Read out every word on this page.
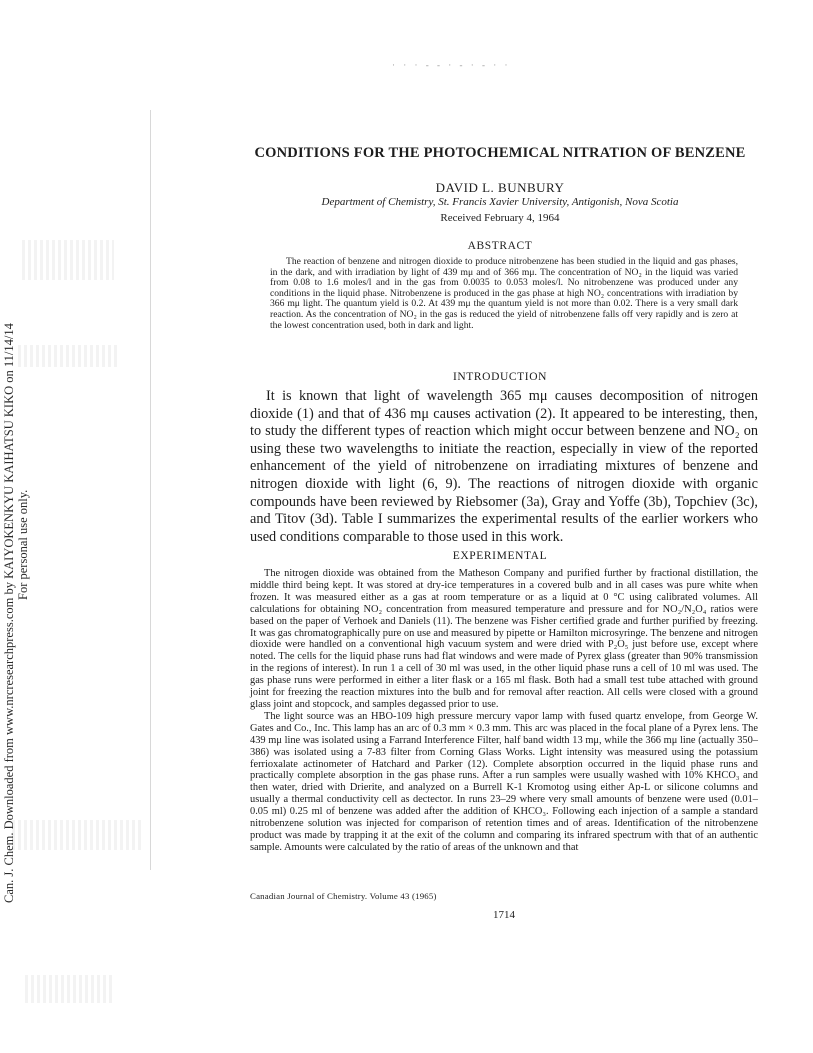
· · · - - · - · - · ·
Can. J. Chem. Downloaded from www.nrcresearchpress.com by KAIYOKENKYU KAIHATSU KIKO on 11/14/14 For personal use only.
CONDITIONS FOR THE PHOTOCHEMICAL NITRATION OF BENZENE
DAVID L. BUNBURY
Department of Chemistry, St. Francis Xavier University, Antigonish, Nova Scotia
Received February 4, 1964
ABSTRACT

The reaction of benzene and nitrogen dioxide to produce nitrobenzene has been studied in the liquid and gas phases, in the dark, and with irradiation by light of 439 mμ and of 366 mμ. The concentration of NO₂ in the liquid was varied from 0.08 to 1.6 moles/l and in the gas from 0.0035 to 0.053 moles/l. No nitrobenzene was produced under any conditions in the liquid phase. Nitrobenzene is produced in the gas phase at high NO₂ concentrations with irradiation by 366 mμ light. The quantum yield is 0.2. At 439 mμ the quantum yield is not more than 0.02. There is a very small dark reaction. As the concentration of NO₂ in the gas is reduced the yield of nitrobenzene falls off very rapidly and is zero at the lowest concentration used, both in dark and light.

INTRODUCTION

It is known that light of wavelength 365 mμ causes decomposition of nitrogen dioxide (1) and that of 436 mμ causes activation (2). It appeared to be interesting, then, to study the different types of reaction which might occur between benzene and NO₂ on using these two wavelengths to initiate the reaction, especially in view of the reported enhancement of the yield of nitrobenzene on irradiating mixtures of benzene and nitrogen dioxide with light (6, 9). The reactions of nitrogen dioxide with organic compounds have been reviewed by Riebsomer (3a), Gray and Yoffe (3b), Topchiev (3c), and Titov (3d). Table I summarizes the experimental results of the earlier workers who used conditions comparable to those used in this work.

EXPERIMENTAL

The nitrogen dioxide was obtained from the Matheson Company and purified further by fractional distillation, the middle third being kept. It was stored at dry-ice temperatures in a covered bulb and in all cases was pure white when frozen. It was measured either as a gas at room temperature or as a liquid at 0 °C using calibrated volumes. All calculations for obtaining NO₂ concentration from measured temperature and pressure and for NO₂/N₂O₄ ratios were based on the paper of Verhoek and Daniels (11). The benzene was Fisher certified grade and further purified by freezing. It was gas chromatographically pure on use and measured by pipette or Hamilton microsyringe. The benzene and nitrogen dioxide were handled on a conventional high vacuum system and were dried with P₂O₅ just before use, except where noted. The cells for the liquid phase runs had flat windows and were made of Pyrex glass (greater than 90% transmission in the regions of interest). In run 1 a cell of 30 ml was used, in the other liquid phase runs a cell of 10 ml was used. The gas phase runs were performed in either a liter flask or a 165 ml flask. Both had a small test tube attached with ground joint for freezing the reaction mixtures into the bulb and for removal after reaction. All cells were closed with a ground glass joint and stopcock, and samples degassed prior to use.

The light source was an HBO-109 high pressure mercury vapor lamp with fused quartz envelope, from George W. Gates and Co., Inc. This lamp has an arc of 0.3 mm × 0.3 mm. This arc was placed in the focal plane of a Pyrex lens. The 439 mμ line was isolated using a Farrand Interference Filter, half band width 13 mμ, while the 366 mμ line (actually 350–386) was isolated using a 7-83 filter from Corning Glass Works. Light intensity was measured using the potassium ferrioxalate actinometer of Hatchard and Parker (12). Complete absorption occurred in the liquid phase runs and practically complete absorption in the gas phase runs. After a run samples were usually washed with 10% KHCO₃ and then water, dried with Drierite, and analyzed on a Burrell K-1 Kromotog using either Ap-L or silicone columns and usually a thermal conductivity cell as dectector. In runs 23–29 where very small amounts of benzene were used (0.01–0.05 ml) 0.25 ml of benzene was added after the addition of KHCO₃. Following each injection of a sample a standard nitrobenzene solution was injected for comparison of retention times and of areas. Identification of the nitrobenzene product was made by trapping it at the exit of the column and comparing its infrared spectrum with that of an authentic sample. Amounts were calculated by the ratio of areas of the unknown and that

Canadian Journal of Chemistry. Volume 43 (1965)
1714
